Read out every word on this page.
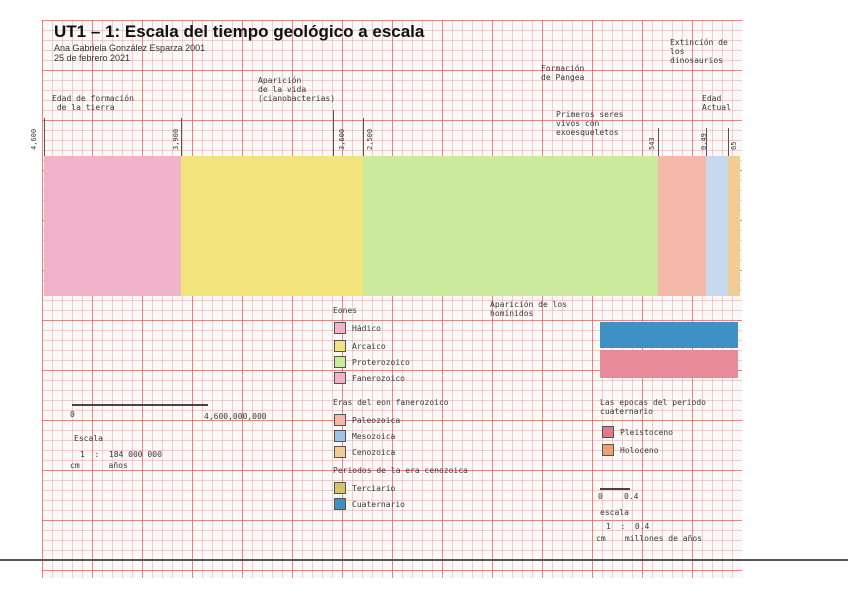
UT1 – 1: Escala del tiempo geológico a escala
Ana Gabriela González Esparza 2001
25 de febrero 2021
4,600	3,900	3,600	2,500	543	0.49	65
Edad de formación
de la tierra
Aparición
de la vida
(cianobacterias)
Formación
de Pangea
Primeros seres
vivos con
exoesqueletos
Extinción de
los
dinosaurios
Edad
Actual
Aparición de los
homínidos
Eones
Hádico
Arcaico
Proterozoico
Fanerozoico
Eras del eon fanerozoico
Paleozoica
Mesozoica
Cenozoica
Periodos de la era cenozoica
Terciario
Cuaternario
Las epocas del periodo
cuaternario
Pleistoceno
Holoceno
0	4,600,000,000
Escala
1  :  184 000 000
cm      años
0	0.4
escala
1  :  0.4
cm    millones de años
